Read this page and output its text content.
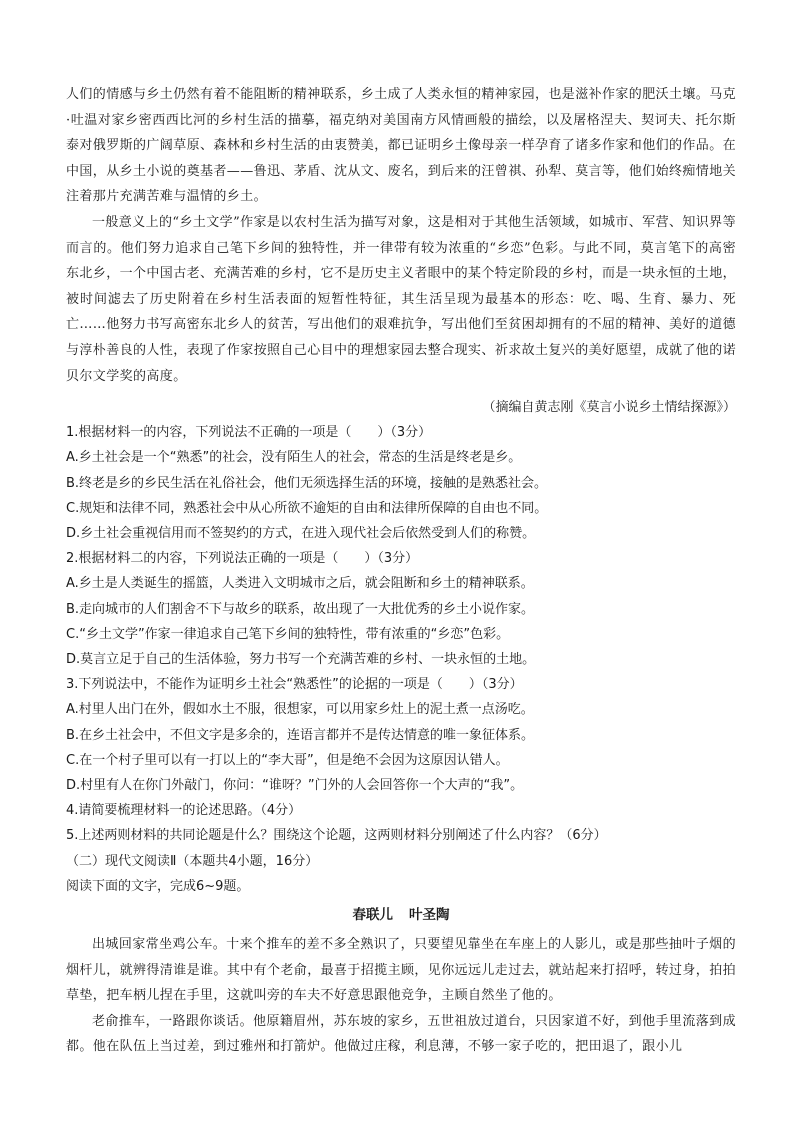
人们的情感与乡土仍然有着不能阻断的精神联系，乡土成了人类永恒的精神家园，也是滋补作家的肥沃土壤。马克·吐温对家乡密西西比河的乡村生活的描摹，福克纳对美国南方风情画般的描绘，以及屠格涅夫、契诃夫、托尔斯泰对俄罗斯的广阔草原、森林和乡村生活的由衷赞美，都已证明乡土像母亲一样孕育了诸多作家和他们的作品。在中国，从乡土小说的奠基者——鲁迅、茅盾、沈从文、废名，到后来的汪曾祺、孙犁、莫言等，他们始终痴情地关注着那片充满苦难与温情的乡土。

一般意义上的“乡土文学”作家是以农村生活为描写对象，这是相对于其他生活领域，如城市、军营、知识界等而言的。他们努力追求自己笔下乡间的独特性，并一律带有较为浓重的“乡恋”色彩。与此不同，莫言笔下的高密东北乡，一个中国古老、充满苦难的乡村，它不是历史主义者眼中的某个特定阶段的乡村，而是一块永恒的土地，被时间滤去了历史附着在乡村生活表面的短暂性特征，其生活呈现为最基本的形态：吃、喝、生育、暴力、死亡……他努力书写高密东北乡人的贫苦，写出他们的艰难抗争，写出他们至贫困却拥有的不屈的精神、美好的道德与淳朴善良的人性，表现了作家按照自己心目中的理想家园去整合现实、祈求故土复兴的美好愿望，成就了他的诺贝尔文学奖的高度。

（摘编自黄志刚《莫言小说乡土情结探源》）

1.根据材料一的内容，下列说法不正确的一项是（　　）（3分）

A.乡土社会是一个“熟悉”的社会，没有陌生人的社会，常态的生活是终老是乡。

B.终老是乡的乡民生活在礼俗社会，他们无须选择生活的环境，接触的是熟悉社会。

C.规矩和法律不同，熟悉社会中从心所欲不逾矩的自由和法律所保障的自由也不同。

D.乡土社会重视信用而不签契约的方式，在进入现代社会后依然受到人们的称赞。

2.根据材料二的内容，下列说法正确的一项是（　　）（3分）

A.乡土是人类诞生的摇篮，人类进入文明城市之后，就会阻断和乡土的精神联系。

B.走向城市的人们割舍不下与故乡的联系，故出现了一大批优秀的乡土小说作家。

C.“乡土文学”作家一律追求自己笔下乡间的独特性，带有浓重的“乡恋”色彩。

D.莫言立足于自己的生活体验，努力书写一个充满苦难的乡村、一块永恒的土地。

3.下列说法中，不能作为证明乡土社会“熟悉性”的论据的一项是（　　）（3分）

A.村里人出门在外，假如水土不服，很想家，可以用家乡灶上的泥土煮一点汤吃。

B.在乡土社会中，不但文字是多余的，连语言都并不是传达情意的唯一象征体系。

C.在一个村子里可以有一打以上的“李大哥”，但是绝不会因为这原因认错人。

D.村里有人在你门外敲门，你问：“谁呀？”门外的人会回答你一个大声的“我”。

4.请简要梳理材料一的论述思路。（4分）

5.上述两则材料的共同论题是什么？围绕这个论题，这两则材料分别阐述了什么内容？（6分）

（二）现代文阅读Ⅱ（本题共4小题，16分）

阅读下面的文字，完成6~9题。

春联儿 叶圣陶

出城回家常坐鸡公车。十来个推车的差不多全熟识了，只要望见靠坐在车座上的人影儿，或是那些抽叶子烟的烟杆儿，就辨得清谁是谁。其中有个老俞，最喜于招揽主顾，见你远远儿走过去，就站起来打招呼，转过身，拍拍草垫，把车柄儿捏在手里，这就叫旁的车夫不好意思跟他竞争，主顾自然坐了他的。

老俞推车，一路跟你谈话。他原籍眉州，苏东坡的家乡，五世祖放过道台，只因家道不好，到他手里流落到成都。他在队伍上当过差，到过雅州和打箭炉。他做过庄稼，利息薄，不够一家子吃的，把田退了，跟小儿
